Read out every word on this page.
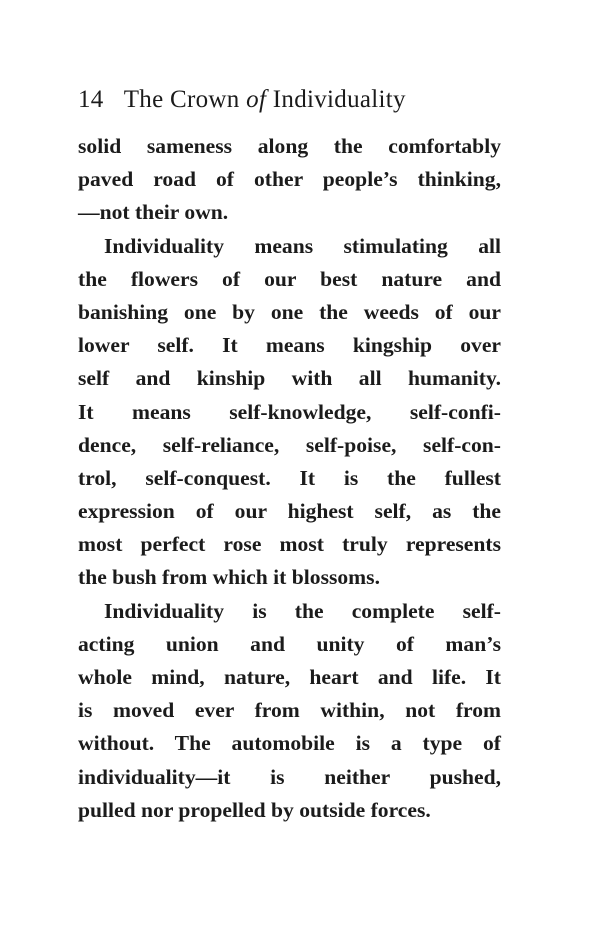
14 The Crown of Individuality
solid sameness along the comfortably
paved road of other people’s thinking,
—not their own.
Individuality means stimulating all
the flowers of our best nature and
banishing one by one the weeds of our
lower self. It means kingship over
self and kinship with all humanity.
It means self-knowledge, self-confi-
dence, self-reliance, self-poise, self-con-
trol, self-conquest. It is the fullest
expression of our highest self, as the
most perfect rose most truly represents
the bush from which it blossoms.
Individuality is the complete self-
acting union and unity of man’s
whole mind, nature, heart and life. It
is moved ever from within, not from
without. The automobile is a type of
individuality—it is neither pushed,
pulled nor propelled by outside forces.
